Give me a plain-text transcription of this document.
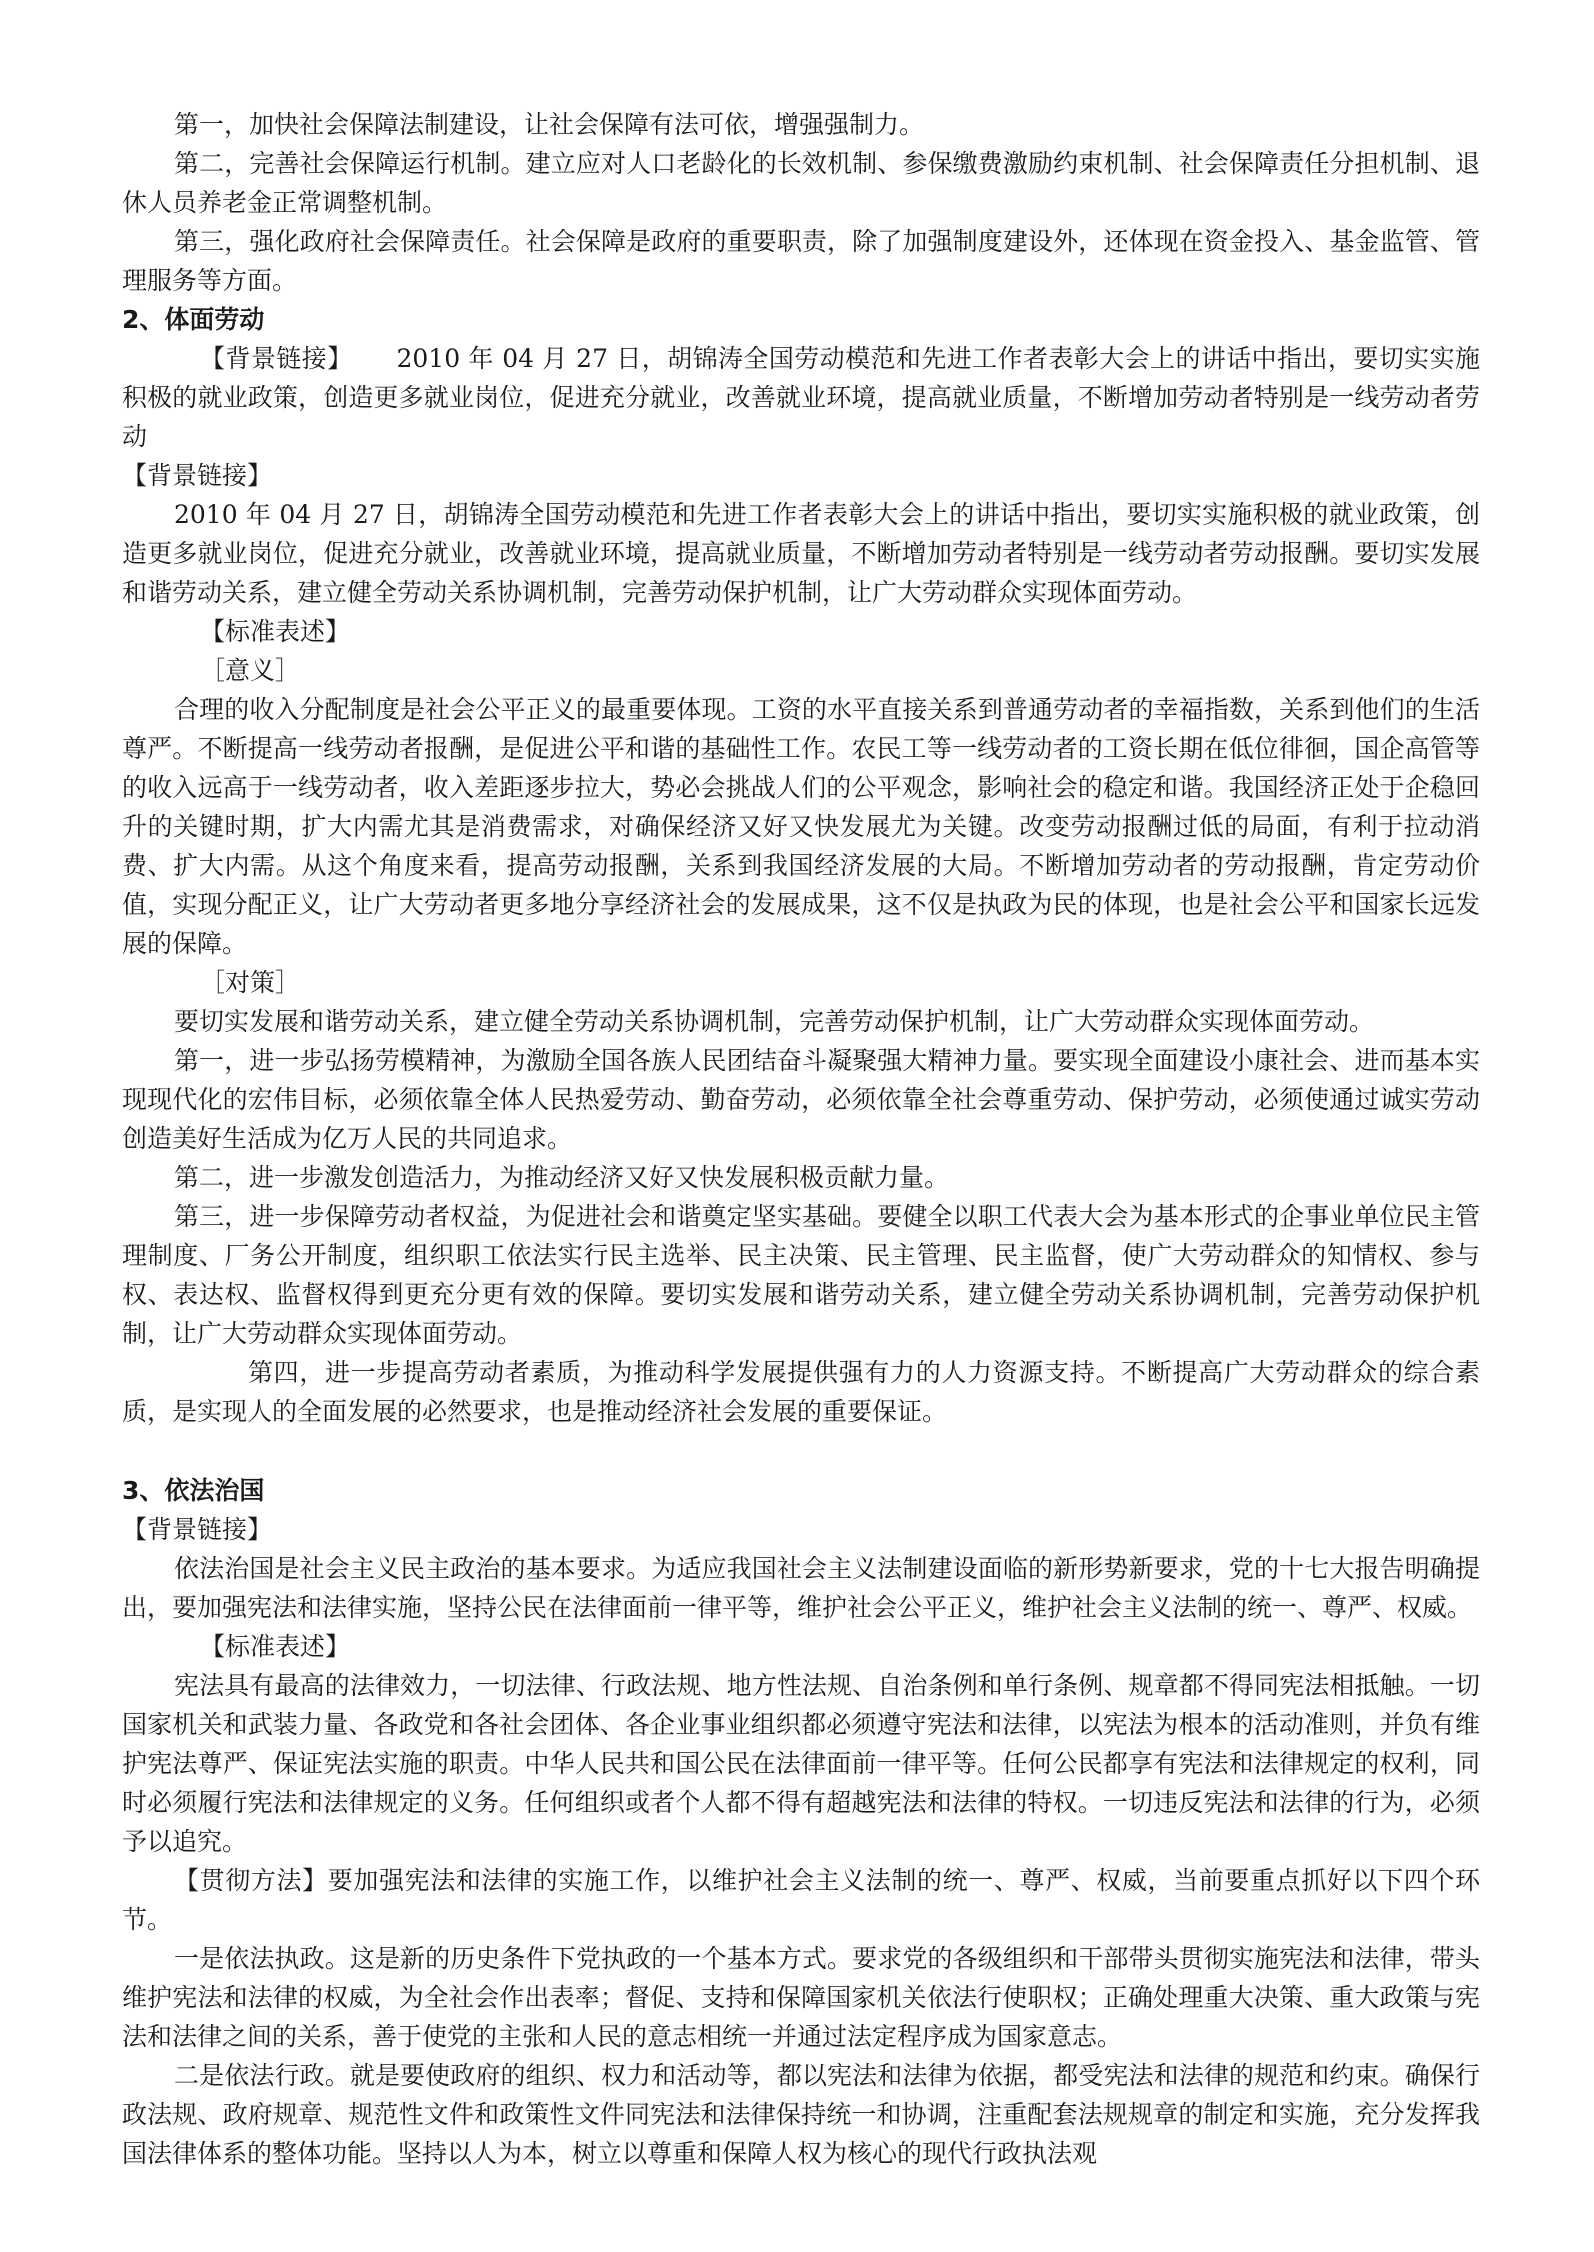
第一，加快社会保障法制建设，让社会保障有法可依，增强强制力。

第二，完善社会保障运行机制。建立应对人口老龄化的长效机制、参保缴费激励约束机制、社会保障责任分担机制、退休人员养老金正常调整机制。

第三，强化政府社会保障责任。社会保障是政府的重要职责，除了加强制度建设外，还体现在资金投入、基金监管、管理服务等方面。

2、体面劳动

【背景链接】 2010 年 04 月 27 日，胡锦涛全国劳动模范和先进工作者表彰大会上的讲话中指出，要切实实施积极的就业政策，创造更多就业岗位，促进充分就业，改善就业环境，提高就业质量，不断增加劳动者特别是一线劳动者劳动

【背景链接】

2010 年 04 月 27 日，胡锦涛全国劳动模范和先进工作者表彰大会上的讲话中指出，要切实实施积极的就业政策，创造更多就业岗位，促进充分就业，改善就业环境，提高就业质量，不断增加劳动者特别是一线劳动者劳动报酬。要切实发展和谐劳动关系，建立健全劳动关系协调机制，完善劳动保护机制，让广大劳动群众实现体面劳动。

【标准表述】

［意义］

合理的收入分配制度是社会公平正义的最重要体现。工资的水平直接关系到普通劳动者的幸福指数，关系到他们的生活尊严。不断提高一线劳动者报酬，是促进公平和谐的基础性工作。农民工等一线劳动者的工资长期在低位徘徊，国企高管等的收入远高于一线劳动者，收入差距逐步拉大，势必会挑战人们的公平观念，影响社会的稳定和谐。我国经济正处于企稳回升的关键时期，扩大内需尤其是消费需求，对确保经济又好又快发展尤为关键。改变劳动报酬过低的局面，有利于拉动消费、扩大内需。从这个角度来看，提高劳动报酬，关系到我国经济发展的大局。不断增加劳动者的劳动报酬，肯定劳动价值，实现分配正义，让广大劳动者更多地分享经济社会的发展成果，这不仅是执政为民的体现，也是社会公平和国家长远发展的保障。

［对策］

要切实发展和谐劳动关系，建立健全劳动关系协调机制，完善劳动保护机制，让广大劳动群众实现体面劳动。

第一，进一步弘扬劳模精神，为激励全国各族人民团结奋斗凝聚强大精神力量。要实现全面建设小康社会、进而基本实现现代化的宏伟目标，必须依靠全体人民热爱劳动、勤奋劳动，必须依靠全社会尊重劳动、保护劳动，必须使通过诚实劳动创造美好生活成为亿万人民的共同追求。

第二，进一步激发创造活力，为推动经济又好又快发展积极贡献力量。

第三，进一步保障劳动者权益，为促进社会和谐奠定坚实基础。要健全以职工代表大会为基本形式的企事业单位民主管理制度、厂务公开制度，组织职工依法实行民主选举、民主决策、民主管理、民主监督，使广大劳动群众的知情权、参与权、表达权、监督权得到更充分更有效的保障。要切实发展和谐劳动关系，建立健全劳动关系协调机制，完善劳动保护机制，让广大劳动群众实现体面劳动。

第四，进一步提高劳动者素质，为推动科学发展提供强有力的人力资源支持。不断提高广大劳动群众的综合素质，是实现人的全面发展的必然要求，也是推动经济社会发展的重要保证。

3、依法治国

【背景链接】

依法治国是社会主义民主政治的基本要求。为适应我国社会主义法制建设面临的新形势新要求，党的十七大报告明确提出，要加强宪法和法律实施，坚持公民在法律面前一律平等，维护社会公平正义，维护社会主义法制的统一、尊严、权威。

【标准表述】

宪法具有最高的法律效力，一切法律、行政法规、地方性法规、自治条例和单行条例、规章都不得同宪法相抵触。一切国家机关和武装力量、各政党和各社会团体、各企业事业组织都必须遵守宪法和法律，以宪法为根本的活动准则，并负有维护宪法尊严、保证宪法实施的职责。中华人民共和国公民在法律面前一律平等。任何公民都享有宪法和法律规定的权利，同时必须履行宪法和法律规定的义务。任何组织或者个人都不得有超越宪法和法律的特权。一切违反宪法和法律的行为，必须予以追究。

【贯彻方法】要加强宪法和法律的实施工作，以维护社会主义法制的统一、尊严、权威，当前要重点抓好以下四个环节。

一是依法执政。这是新的历史条件下党执政的一个基本方式。要求党的各级组织和干部带头贯彻实施宪法和法律，带头维护宪法和法律的权威，为全社会作出表率；督促、支持和保障国家机关依法行使职权；正确处理重大决策、重大政策与宪法和法律之间的关系，善于使党的主张和人民的意志相统一并通过法定程序成为国家意志。

二是依法行政。就是要使政府的组织、权力和活动等，都以宪法和法律为依据，都受宪法和法律的规范和约束。确保行政法规、政府规章、规范性文件和政策性文件同宪法和法律保持统一和协调，注重配套法规规章的制定和实施，充分发挥我国法律体系的整体功能。坚持以人为本，树立以尊重和保障人权为核心的现代行政执法观
